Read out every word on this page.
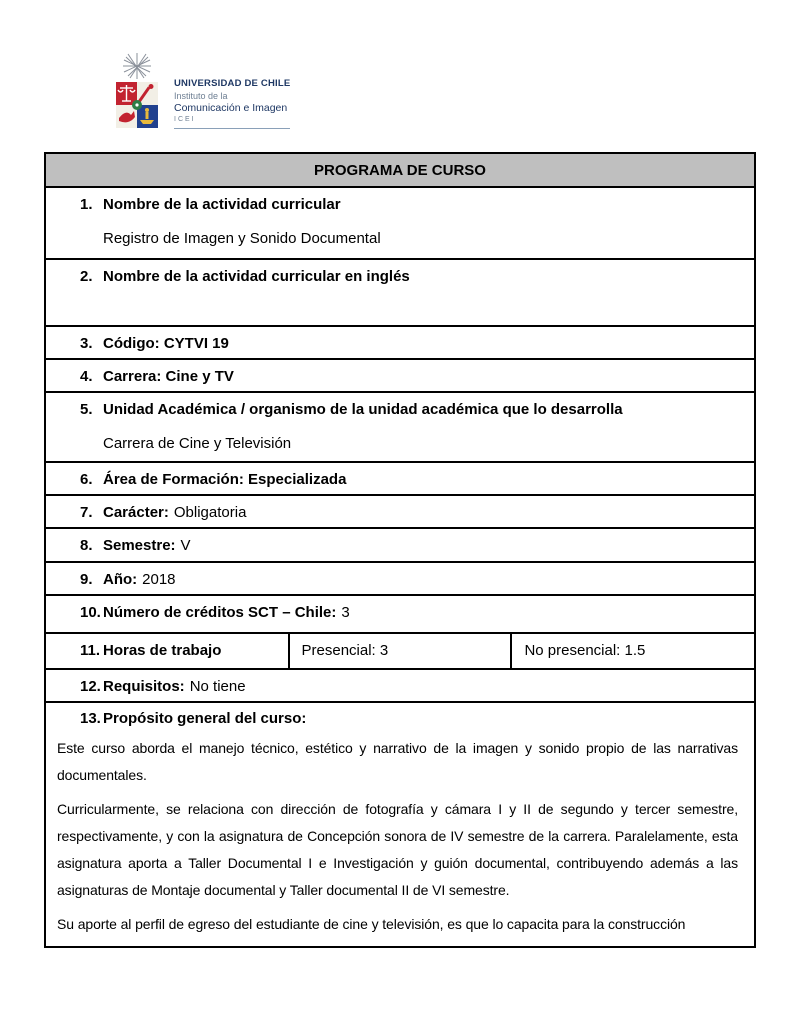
UNIVERSIDAD DE CHILE
Instituto de la
Comunicación e Imagen
ICEI
PROGRAMA DE CURSO

1. Nombre de la actividad curricular
Registro de Imagen y Sonido Documental

2. Nombre de la actividad curricular en inglés

3. Código: CYTVI 19

4. Carrera: Cine y TV

5. Unidad Académica / organismo de la unidad académica que lo desarrolla
Carrera de Cine y Televisión

6. Área de Formación: Especializada

7. Carácter: Obligatoria

8. Semestre: V

9. Año: 2018

10. Número de créditos SCT – Chile: 3

11. Horas de trabajo	Presencial: 3	No presencial: 1.5

12. Requisitos: No tiene

13. Propósito general del curso:

Este curso aborda el manejo técnico, estético y narrativo de la imagen y sonido propio de las narrativas documentales.

Curricularmente, se relaciona con dirección de fotografía y cámara I y II de segundo y tercer semestre, respectivamente, y con la asignatura de Concepción sonora de IV semestre de la carrera. Paralelamente, esta asignatura aporta a Taller Documental I e Investigación y guión documental, contribuyendo además a las asignaturas de Montaje documental y Taller documental II de VI semestre.

Su aporte al perfil de egreso del estudiante de cine y televisión, es que lo capacita para la construcción
